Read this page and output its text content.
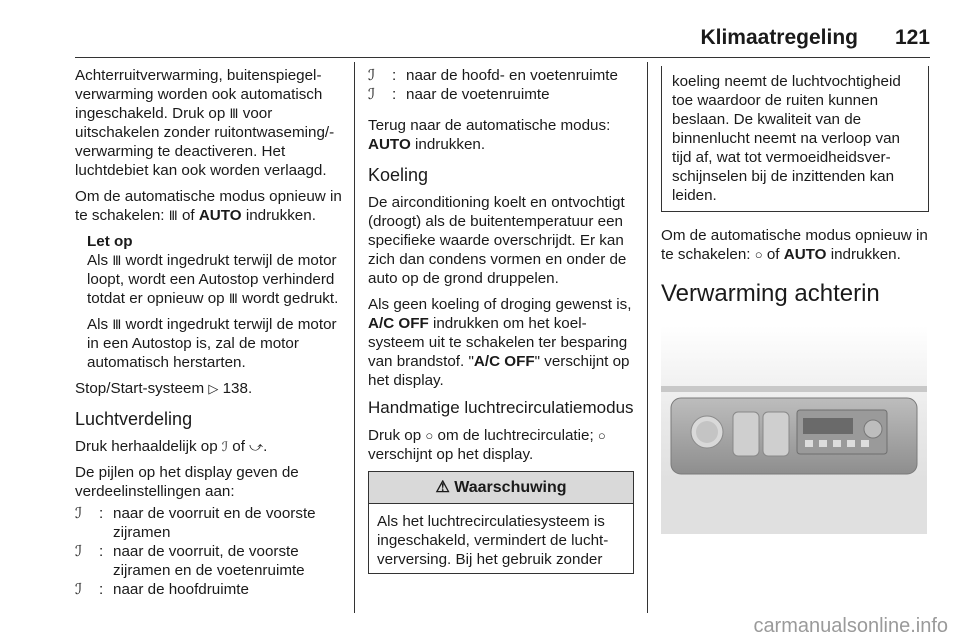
Klimaatregeling 121

Achterruitverwarming, buitenspiegelverwarming worden ook automatisch ingeschakeld. Druk op Ⅲ voor uitschakelen zonder ruitontwaseming/-verwarming te deactiveren. Het luchtdebiet kan ook worden verlaagd.

Om de automatische modus opnieuw in te schakelen: Ⅲ of AUTO indrukken.

Let op

Als Ⅲ wordt ingedrukt terwijl de motor loopt, wordt een Autostop verhinderd totdat er opnieuw op Ⅲ wordt gedrukt.

Als Ⅲ wordt ingedrukt terwijl de motor in een Autostop is, zal de motor automatisch herstarten.

Stop/Start-systeem ▷ 138.

Luchtverdeling

Druk herhaaldelijk op ℐ of ⤻.

De pijlen op het display geven de verdeelinstellingen aan:

ℐ	: naar de voorruit en de voorste zijramen
ℐ	: naar de voorruit, de voorste zijramen en de voetenruimte
ℐ	: naar de hoofdruimte
ℐ	: naar de hoofd- en voetenruimte
ℐ	: naar de voetenruimte

Terug naar de automatische modus: AUTO indrukken.

Koeling

De airconditioning koelt en ontvochtigt (droogt) als de buitentemperatuur een specifieke waarde overschrijdt. Er kan zich dan condens vormen en onder de auto op de grond druppelen.

Als geen koeling of droging gewenst is, A/C OFF indrukken om het koelsysteem uit te schakelen ter besparing van brandstof. "A/C OFF" verschijnt op het display.

Handmatige luchtrecirculatiemodus

Druk op ○ om de luchtrecirculatie; ○ verschijnt op het display.

⚠ Waarschuwing
Als het luchtrecirculatiesysteem is ingeschakeld, vermindert de luchtverversing. Bij het gebruik zonder
koeling neemt de luchtvochtigheid toe waardoor de ruiten kunnen beslaan. De kwaliteit van de binnenlucht neemt na verloop van tijd af, wat tot vermoeidheidsverschijnselen bij de inzittenden kan leiden.

Om de automatische modus opnieuw in te schakelen: ○ of AUTO indrukken.

Verwarming achterin
carmanualsonline.info
